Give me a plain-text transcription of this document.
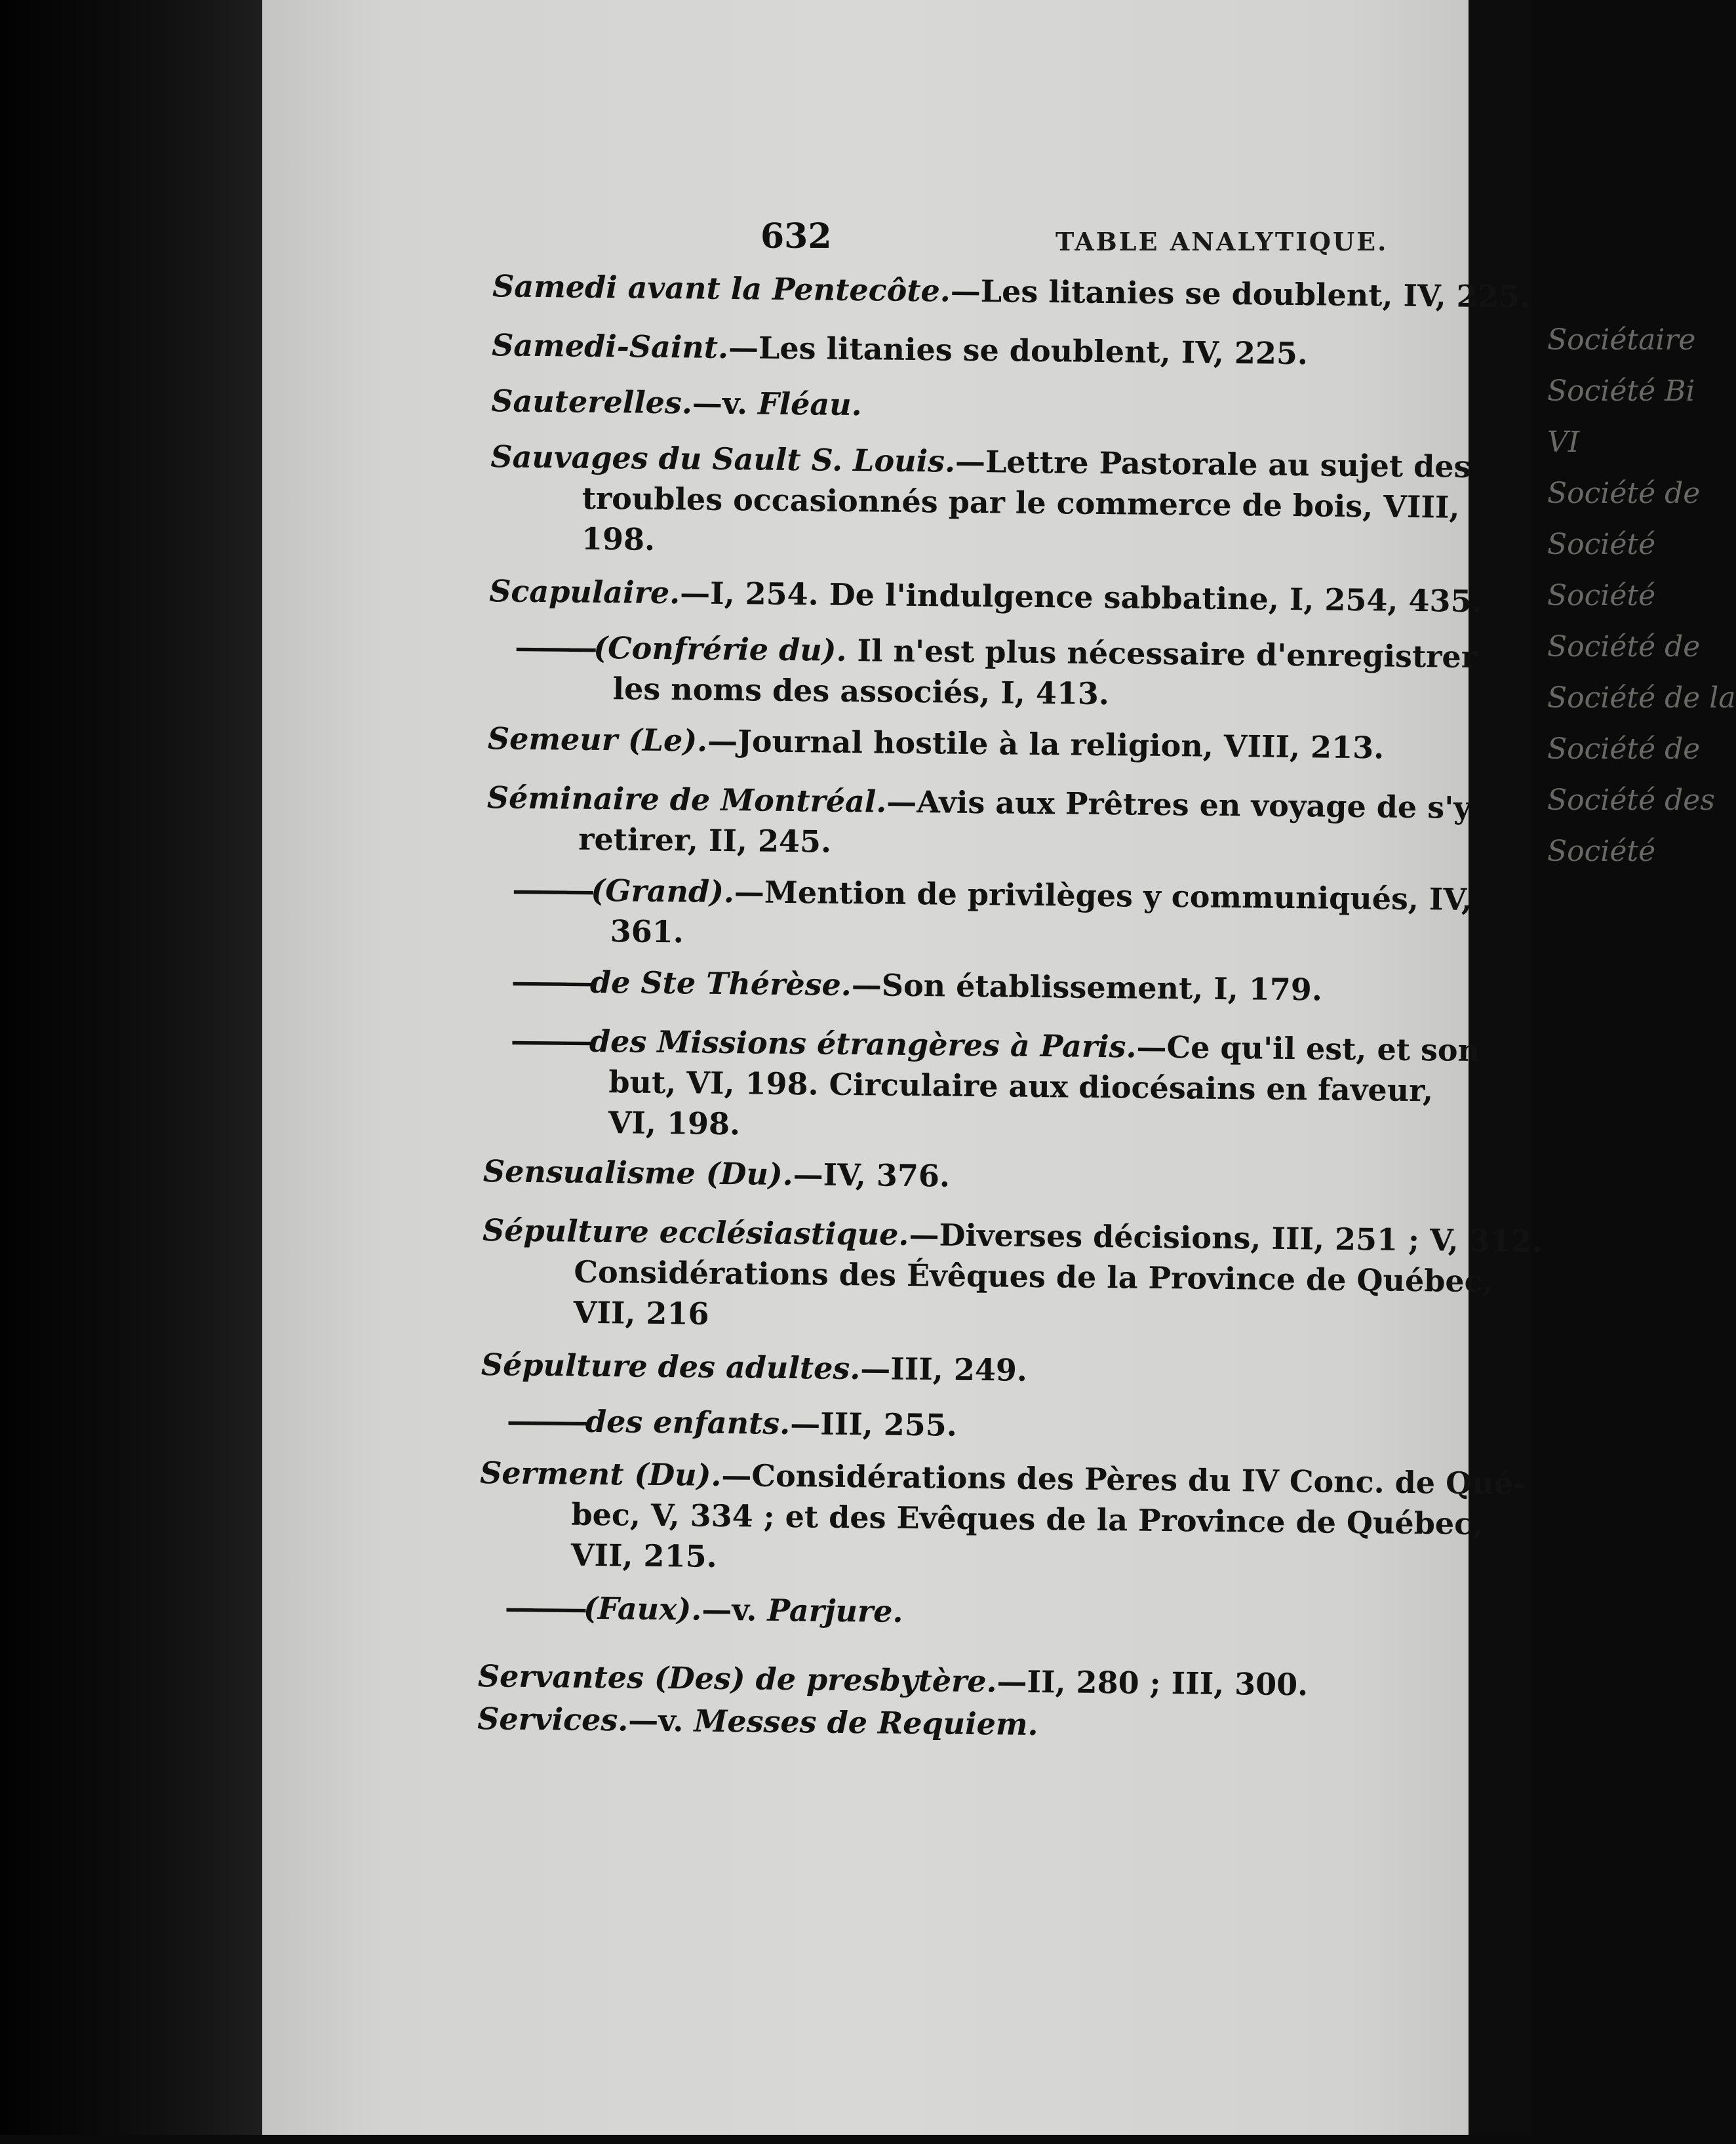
Sociétaire
Société Bi
VI
Société de
Société
Société
Société de
Société de la
Société de
Société des
Société
632	TABLE ANALYTIQUE.
Samedi avant la Pentecôte.—Les litanies se doublent, IV, 225.
Samedi-Saint.—Les litanies se doublent, IV, 225.
Sauterelles.—v. Fléau.
Sauvages du Sault S. Louis.—Lettre Pastorale au sujet des
troubles occasionnés par le commerce de bois, VIII,
198.
Scapulaire.—I, 254. De l'indulgence sabbatine, I, 254, 435.
———(Confrérie du). Il n'est plus nécessaire d'enregistrer
les noms des associés, I, 413.
Semeur (Le).—Journal hostile à la religion, VIII, 213.
Séminaire de Montréal.—Avis aux Prêtres en voyage de s'y
retirer, II, 245.
———(Grand).—Mention de privilèges y communiqués, IV,
361.
———de Ste Thérèse.—Son établissement, I, 179.
———des Missions étrangères à Paris.—Ce qu'il est, et son
but, VI, 198. Circulaire aux diocésains en faveur,
VI, 198.
Sensualisme (Du).—IV, 376.
Sépulture ecclésiastique.—Diverses décisions, III, 251 ; V, 312.
Considérations des Évêques de la Province de Québec,
VII, 216
Sépulture des adultes.—III, 249.
———des enfants.—III, 255.
Serment (Du).—Considérations des Pères du IV Conc. de Qué-
bec, V, 334 ; et des Evêques de la Province de Québec,
VII, 215.
———(Faux).—v. Parjure.
Servantes (Des) de presbytère.—II, 280 ; III, 300.
Services.—v. Messes de Requiem.
